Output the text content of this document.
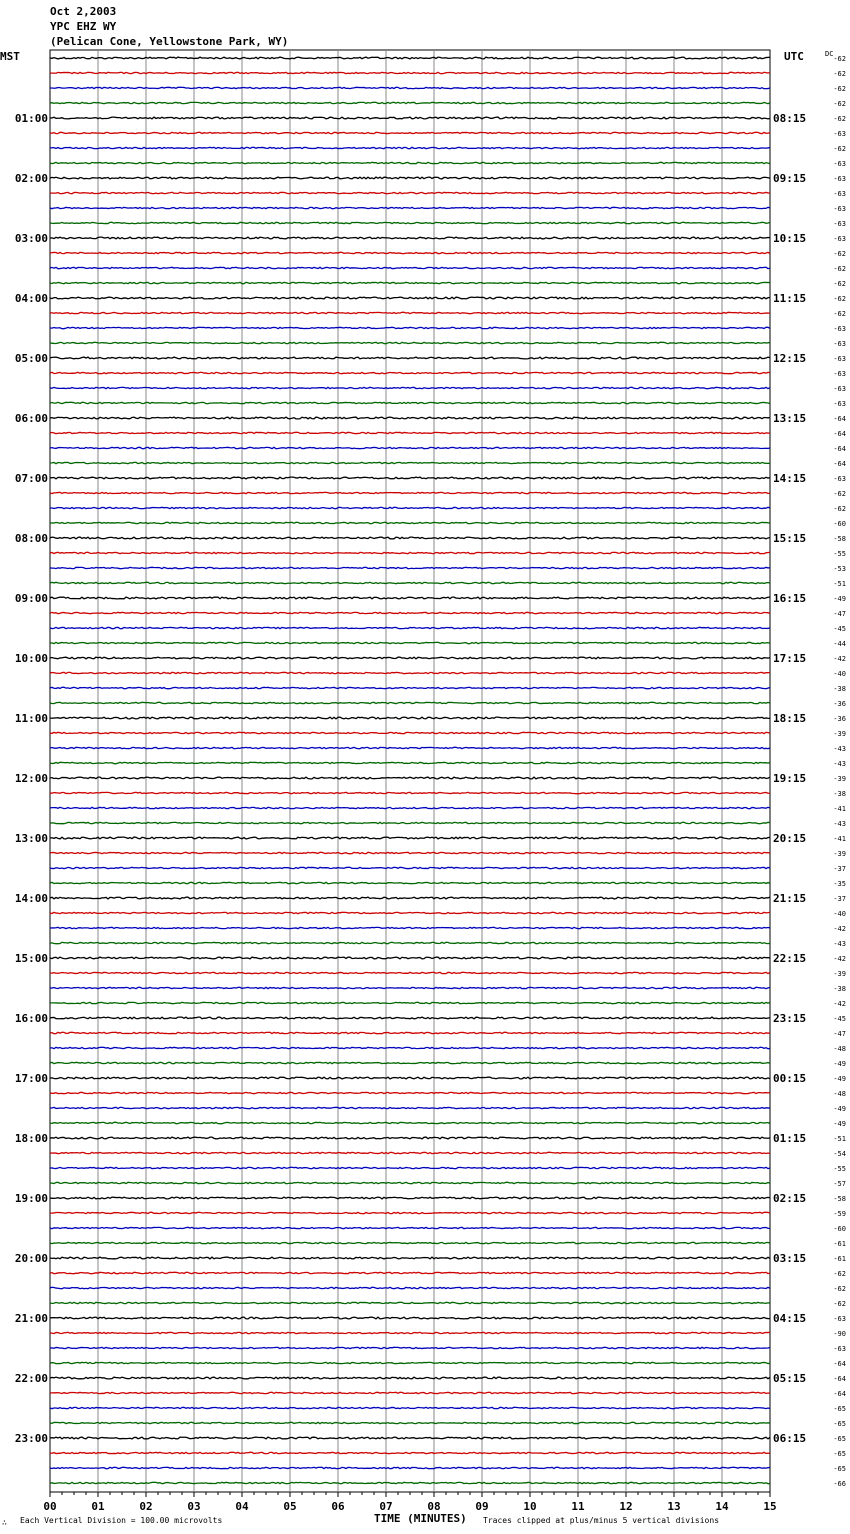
Oct 2,2003
YPC EHZ WY
(Pelican Cone, Yellowstone Park, WY)
MST	UTC	DC
01:00
02:00
03:00
04:00
05:00
06:00
07:00
08:00
09:00
10:00
11:00
12:00
13:00
14:00
15:00
16:00
17:00
18:00
19:00
20:00
21:00
22:00
23:00
08:15
09:15
10:15
11:15
12:15
13:15
14:15
15:15
16:15
17:15
18:15
19:15
20:15
21:15
22:15
23:15
00:15
01:15
02:15
03:15
04:15
05:15
06:15
-62
-62
-62
-62
-62
-63
-62
-63
-63
-63
-63
-63
-63
-62
-62
-62
-62
-62
-63
-63
-63
-63
-63
-63
-64
-64
-64
-64
-63
-62
-62
-60
-58
-55
-53
-51
-49
-47
-45
-44
-42
-40
-38
-36
-36
-39
-43
-43
-39
-38
-41
-43
-41
-39
-37
-35
-37
-40
-42
-43
-42
-39
-38
-42
-45
-47
-48
-49
-49
-48
-49
-49
-51
-54
-55
-57
-58
-59
-60
-61
-61
-62
-62
-62
-63
-90
-63
-64
-64
-64
-65
-65
-65
-65
-65
-66
00	01	02	03	04	05	06	07	08	09	10	11	12	13	14	15
TIME (MINUTES)
∴ Each Vertical Division = 100.00 microvolts	Traces clipped at plus/minus 5 vertical divisions
